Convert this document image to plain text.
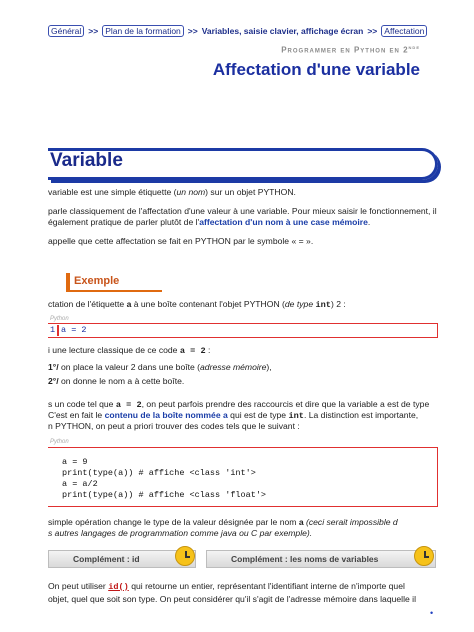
Général >> Plan de la formation >> Variables, saisie clavier, affichage écran >> Affectation
Programmer en Python en 2nde
Affectation d'une variable
Variable
variable est une simple étiquette (un nom) sur un objet PYTHON.
parle classiquement de l'affectation d'une valeur à une variable. Pour mieux saisir le fonctionnement, il
également pratique de parler plutôt de l'affectation d'un nom à une case mémoire.
appelle que cette affectation se fait en PYTHON par le symbole « = ».
Exemple
ctation de l'étiquette a à une boîte contenant l'objet PYTHON (de type int) 2 :
Python
1 a = 2
i une lecture classique de ce code a = 2 :
1°/ on place la valeur 2 dans une boîte (adresse mémoire),
2°/ on donne le nom a à cette boîte.
s un code tel que a = 2, on peut parfois prendre des raccourcis et dire que la variable a est de type
C'est en fait le contenu de la boîte nommée a qui est de type int. La distinction est importante,
n PYTHON, on peut a priori trouver des codes tels que le suivant :
Python
a = 9
print(type(a)) # affiche <class 'int'>
a = a/2
print(type(a)) # affiche <class 'float'>
simple opération change le type de la valeur désignée par le nom a (ceci serait impossible d
s autres langages de programmation comme java ou C par exemple).
Complément : id	Complément : les noms de variables
On peut utiliser id() qui retourne un entier, représentant l'identifiant interne de n'importe quel
objet, quel que soit son type. On peut considérer qu'il s'agit de l'adresse mémoire dans laquelle il
•
